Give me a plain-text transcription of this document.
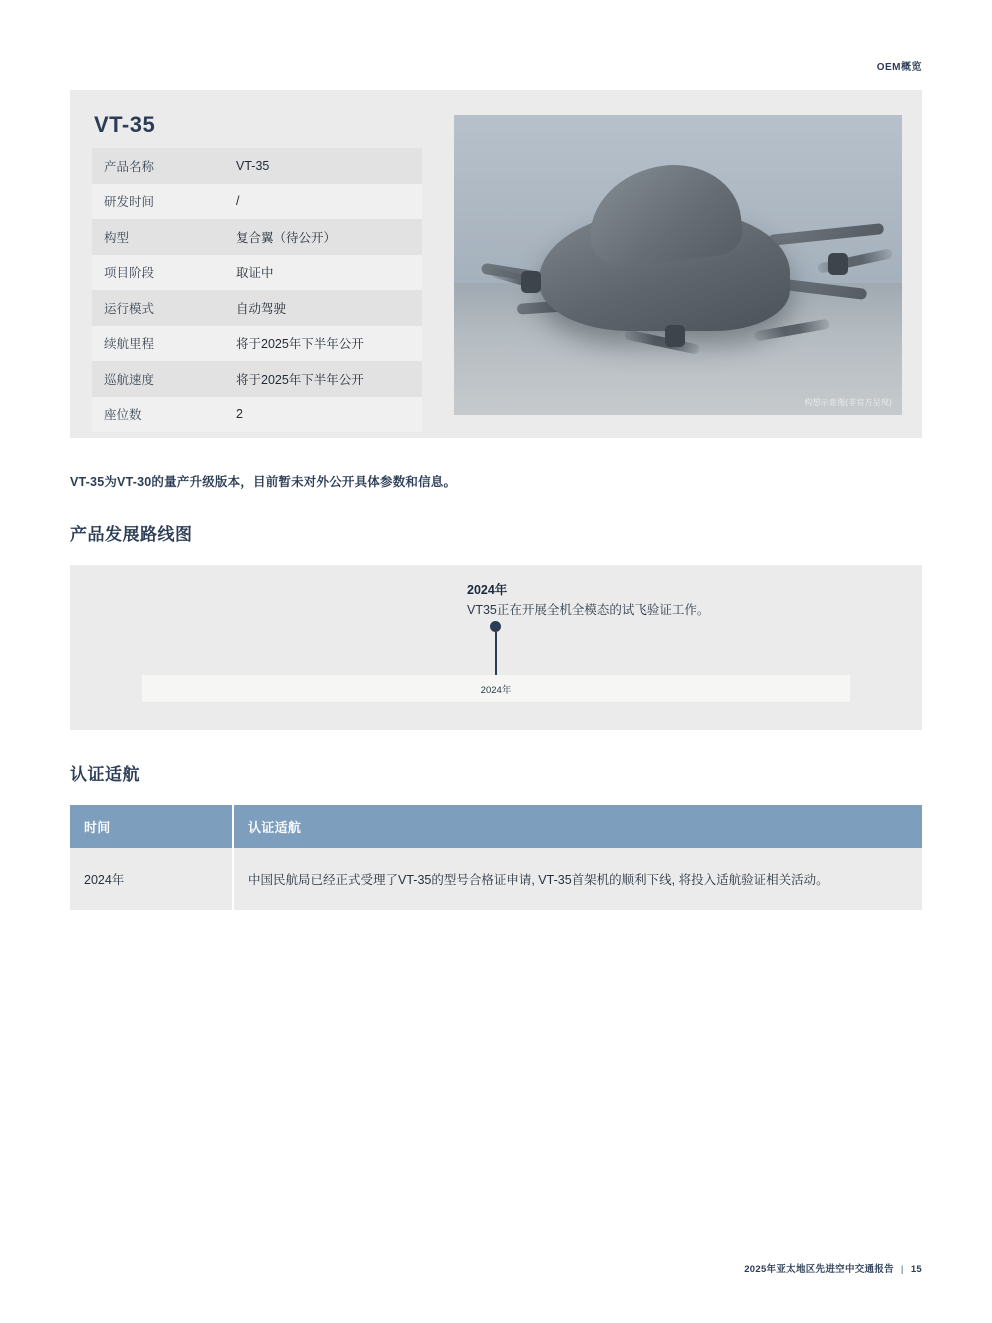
OEM概览
VT-35
产品名称	VT-35
研发时间	/
构型	复合翼（待公开）
项目阶段	取证中
运行模式	自动驾驶
续航里程	将于2025年下半年公开
巡航速度	将于2025年下半年公开
座位数	2
构想示意图(非官方呈现)
VT-35为VT-30的量产升级版本，目前暂未对外公开具体参数和信息。
产品发展路线图
2024年
VT35正在开展全机全模态的试飞验证工作。
2024年
认证适航
时间	认证适航
2024年	中国民航局已经正式受理了VT-35的型号合格证申请, VT-35首架机的顺利下线, 将投入适航验证相关活动。
2025年亚太地区先进空中交通报告 | 15
